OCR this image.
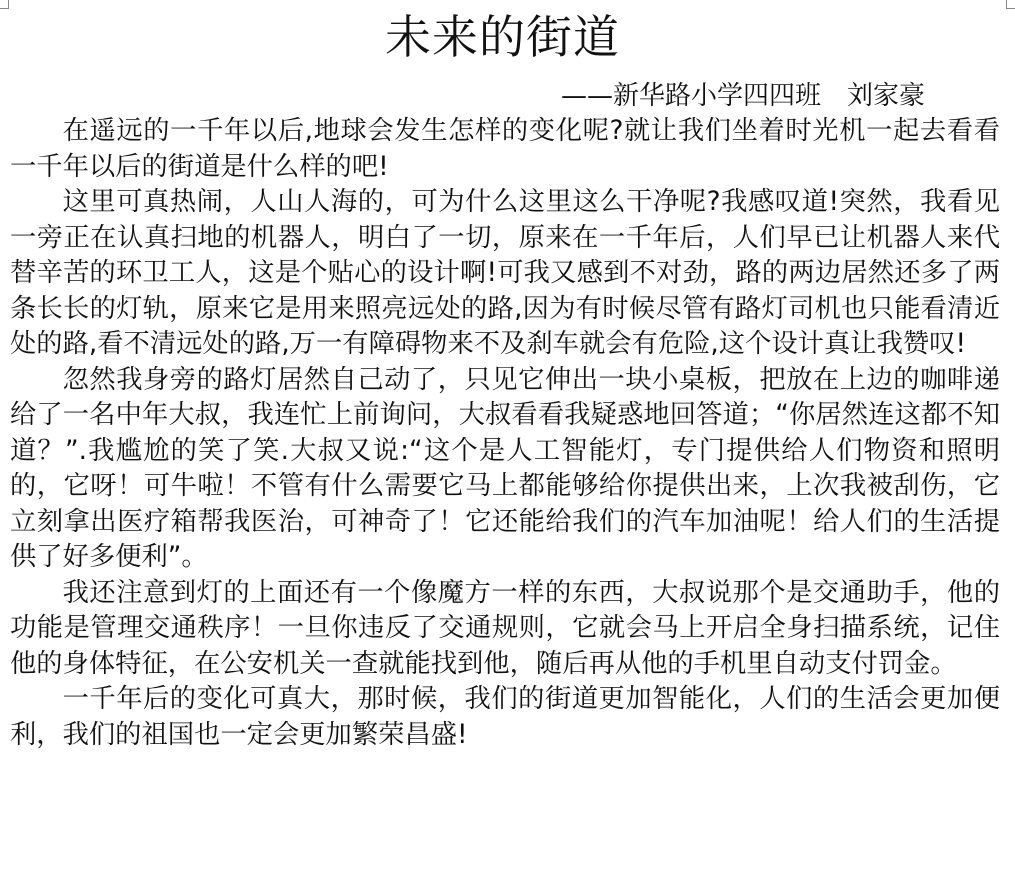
未来的街道

——新华路小学四四班　刘家豪

在遥远的一千年以后,地球会发生怎样的变化呢?就让我们坐着时光机一起去看看一千年以后的街道是什么样的吧!

这里可真热闹，人山人海的，可为什么这里这么干净呢?我感叹道!突然，我看见一旁正在认真扫地的机器人，明白了一切，原来在一千年后，人们早已让机器人来代替辛苦的环卫工人，这是个贴心的设计啊!可我又感到不对劲，路的两边居然还多了两条长长的灯轨，原来它是用来照亮远处的路,因为有时候尽管有路灯司机也只能看清近处的路,看不清远处的路,万一有障碍物来不及刹车就会有危险,这个设计真让我赞叹!

忽然我身旁的路灯居然自己动了，只见它伸出一块小桌板，把放在上边的咖啡递给了一名中年大叔，我连忙上前询问，大叔看看我疑惑地回答道；“你居然连这都不知道？”.我尴尬的笑了笑.大叔又说:“这个是人工智能灯，专门提供给人们物资和照明的，它呀！可牛啦！不管有什么需要它马上都能够给你提供出来，上次我被刮伤，它立刻拿出医疗箱帮我医治，可神奇了！它还能给我们的汽车加油呢！给人们的生活提供了好多便利”。

我还注意到灯的上面还有一个像魔方一样的东西，大叔说那个是交通助手，他的功能是管理交通秩序！一旦你违反了交通规则，它就会马上开启全身扫描系统，记住他的身体特征，在公安机关一查就能找到他，随后再从他的手机里自动支付罚金。

一千年后的变化可真大，那时候，我们的街道更加智能化，人们的生活会更加便利，我们的祖国也一定会更加繁荣昌盛!
